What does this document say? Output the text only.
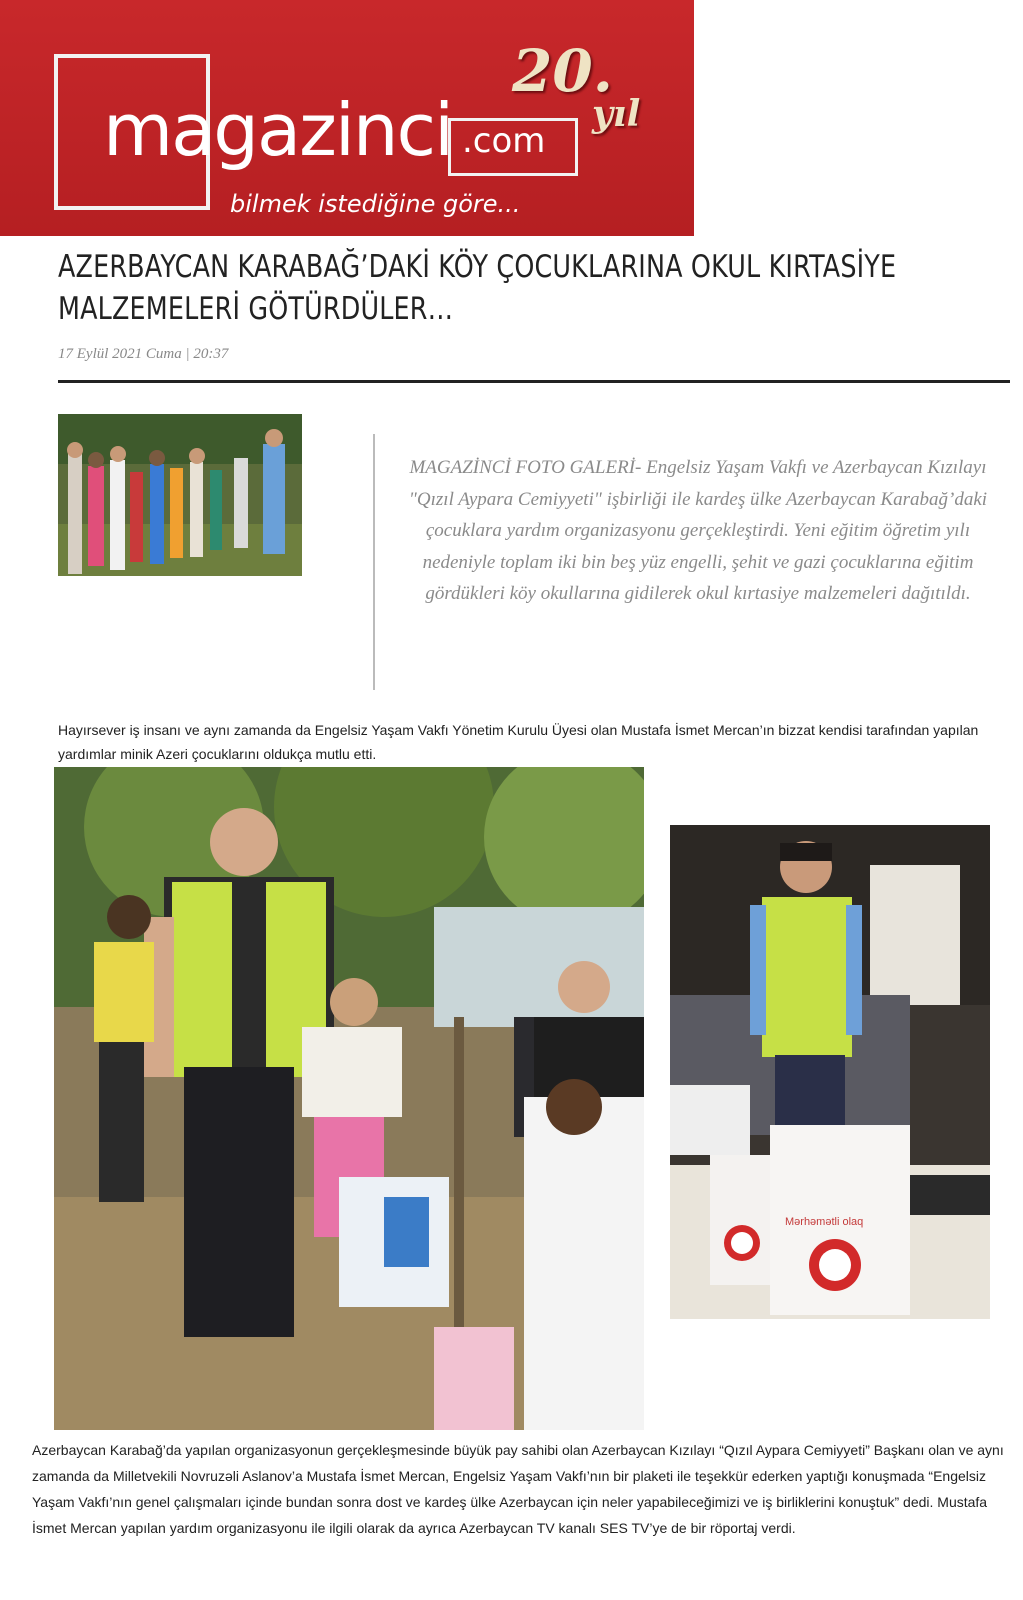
magazinci .com
20.
yıl
bilmek istediğine göre...
AZERBAYCAN KARABAĞ’DAKİ KÖY ÇOCUKLARINA OKUL KIRTASİYE MALZEMELERİ GÖTÜRDÜLER…
17 Eylül 2021 Cuma | 20:37

MAGAZİNCİ FOTO GALERİ- Engelsiz Yaşam Vakfı ve Azerbaycan Kızılayı "Qızıl Aypara Cemiyyeti" işbirliği ile kardeş ülke Azerbaycan Karabağ’daki çocuklara yardım organizasyonu gerçekleştirdi. Yeni eğitim öğretim yılı nedeniyle toplam iki bin beş yüz engelli, şehit ve gazi çocuklarına eğitim gördükleri köy okullarına gidilerek okul kırtasiye malzemeleri dağıtıldı.

Hayırsever iş insanı ve aynı zamanda da Engelsiz Yaşam Vakfı Yönetim Kurulu Üyesi olan Mustafa İsmet Mercan’ın bizzat kendisi tarafından yapılan yardımlar minik Azeri çocuklarını oldukça mutlu etti.

Mərhəmətli olaq

Azerbaycan Karabağ’da yapılan organizasyonun gerçekleşmesinde büyük pay sahibi olan Azerbaycan Kızılayı “Qızıl Aypara Cemiyyeti” Başkanı olan ve aynı zamanda da Milletvekili Novruzəli Aslanov’a Mustafa İsmet Mercan, Engelsiz Yaşam Vakfı’nın bir plaketi ile teşekkür ederken yaptığı konuşmada “Engelsiz Yaşam Vakfı’nın genel çalışmaları içinde bundan sonra dost ve kardeş ülke Azerbaycan için neler yapabileceğimizi ve iş birliklerini konuştuk” dedi. Mustafa İsmet Mercan yapılan yardım organizasyonu ile ilgili olarak da ayrıca Azerbaycan TV kanalı SES TV’ye de bir röportaj verdi.
